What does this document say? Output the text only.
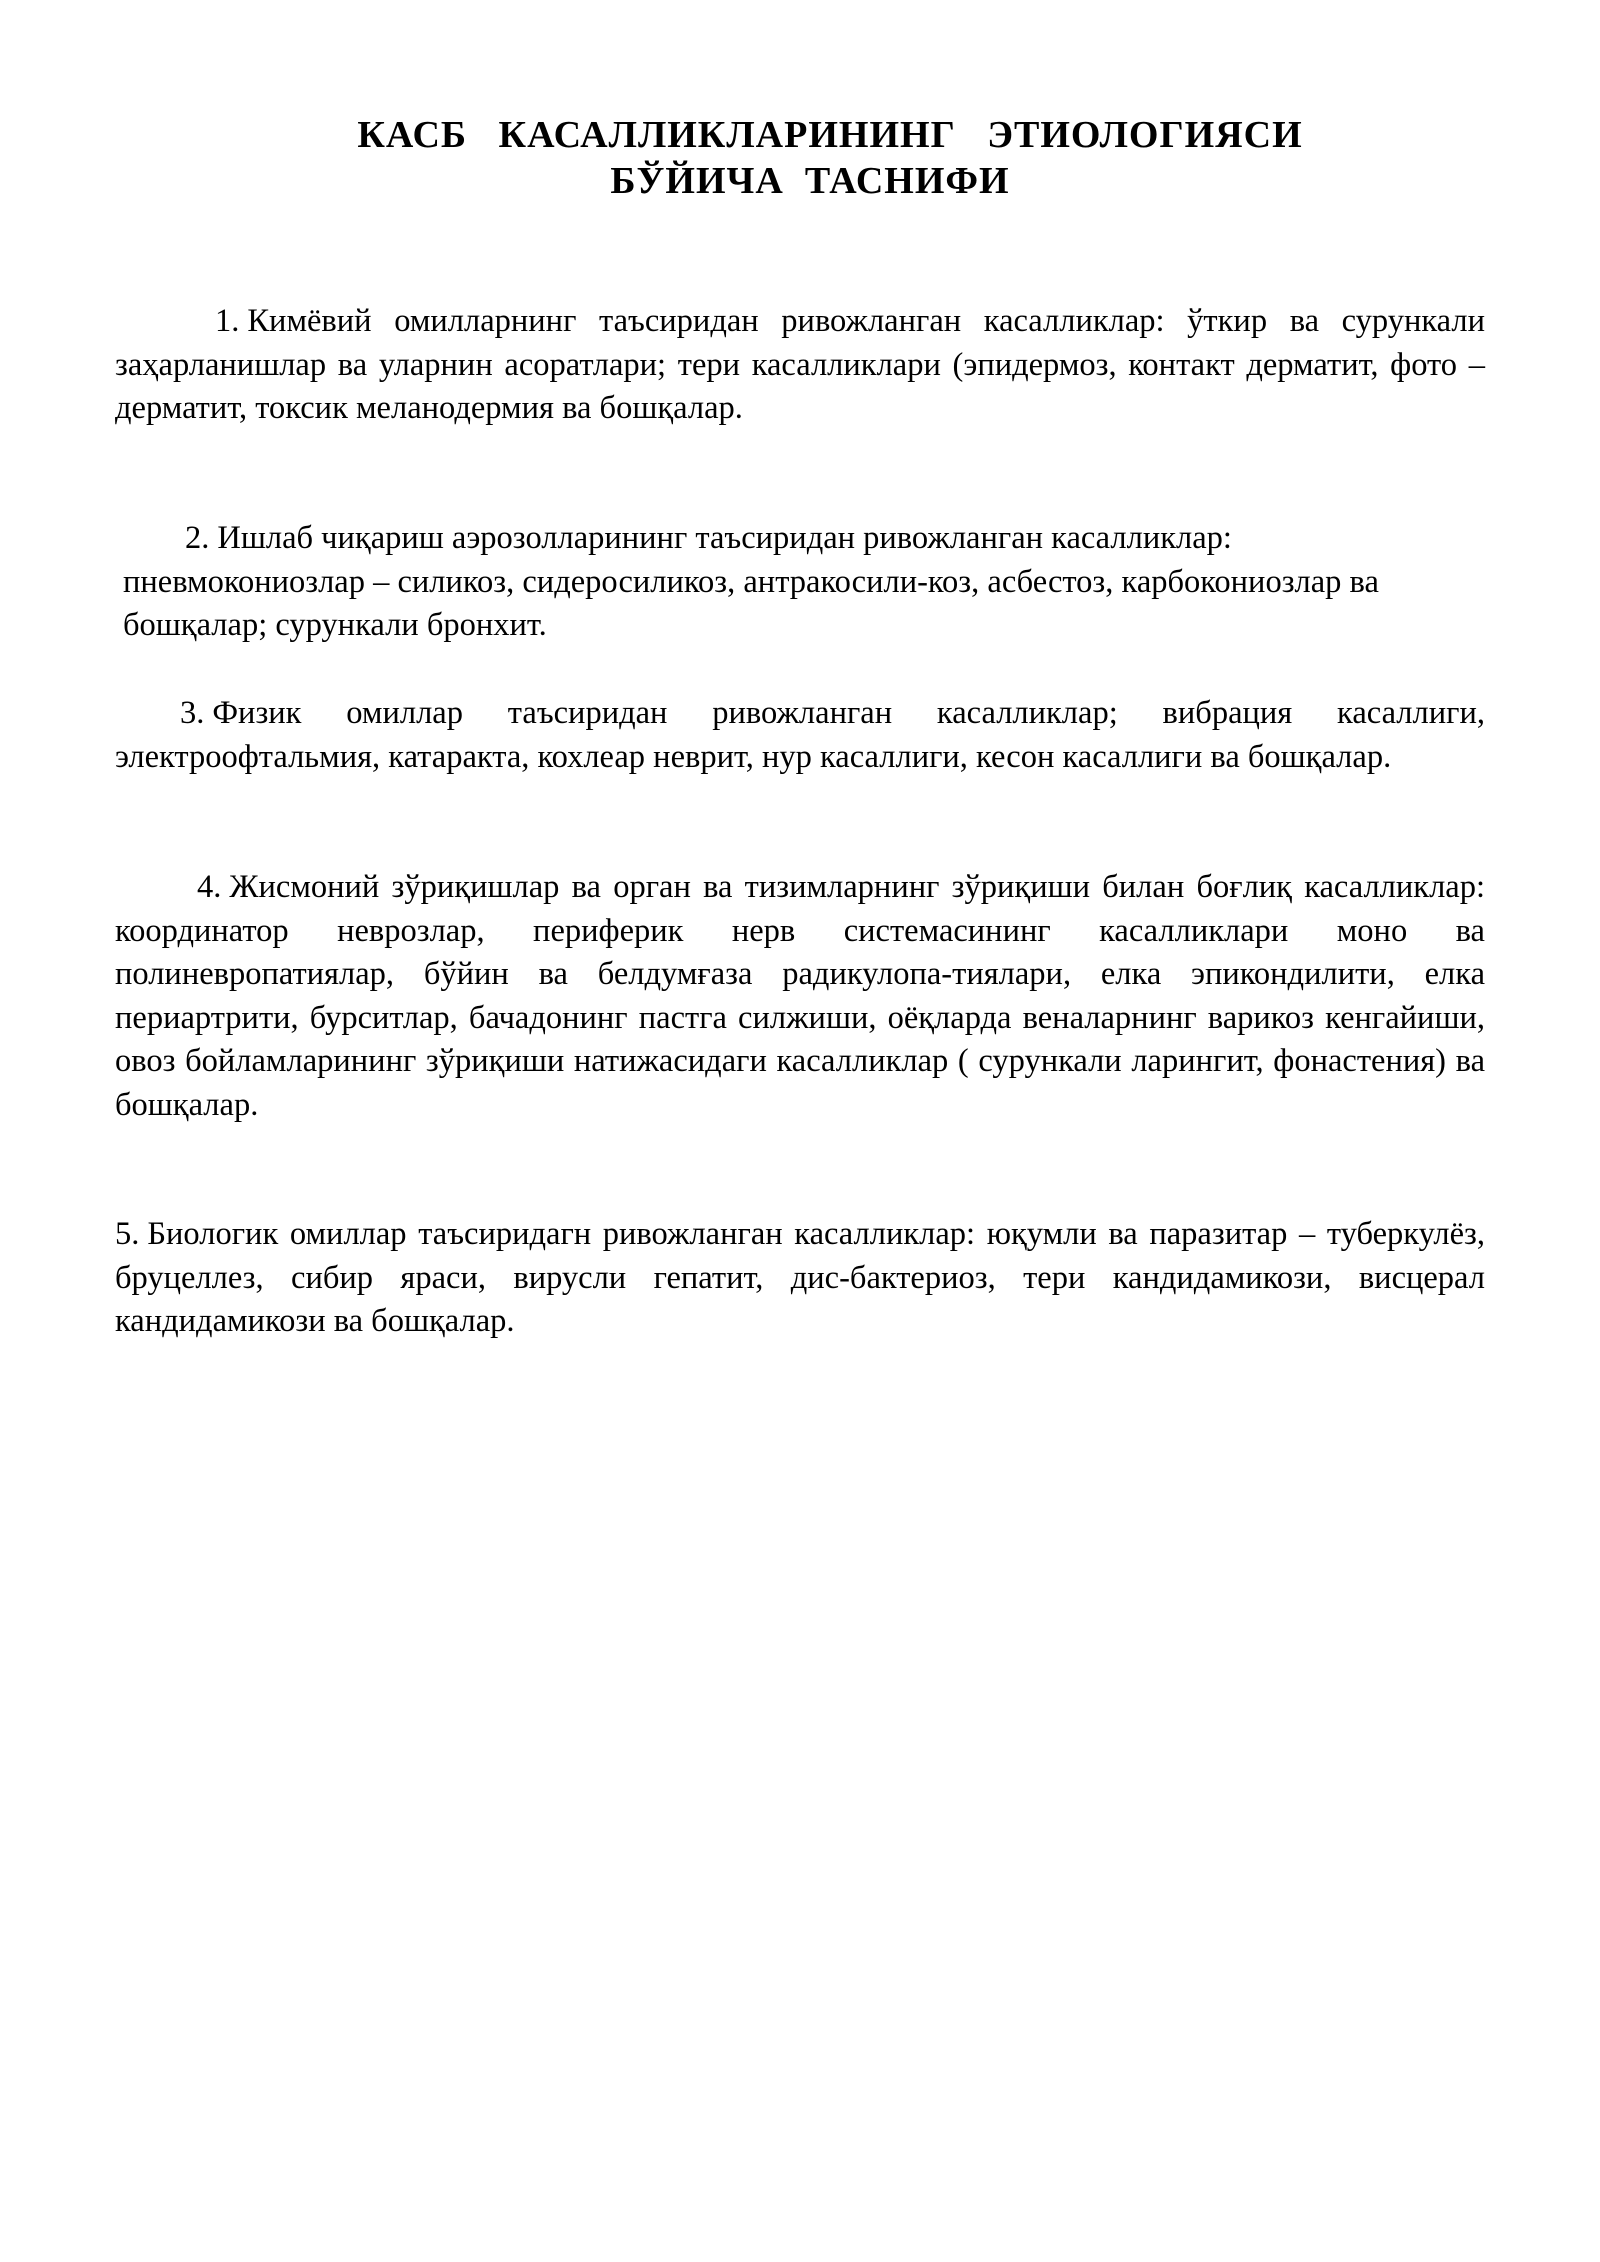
КАСБ   КАСАЛЛИКЛАРИНИНГ   ЭТИОЛОГИЯСИ
БЎЙИЧА  ТАСНИФИ

1. Кимёвий омилларнинг таъсиридан ривожланган касалликлар: ўткир ва сурункали заҳарланишлар ва уларнин асоратлари; тери касалликлари (эпидермоз, контакт дерматит, фото – дерматит, токсик меланодермия ва бошқалар.

2. Ишлаб чиқариш аэрозолларининг таъсиридан ривожланган касалликлар: пневмокониозлар – силикоз, сидеросиликоз, антракосили-коз, асбестоз, карбокониозлар ва бошқалар; сурункали бронхит.

3. Физик омиллар таъсиридан ривожланган касалликлар; вибрация касаллиги, электроофтальмия, катаракта, кохлеар неврит, нур касаллиги, кесон касаллиги ва бошқалар.

4. Жисмоний зўриқишлар ва орган ва тизимларнинг зўриқиши билан боғлиқ касалликлар: координатор неврозлар, периферик нерв системасининг касалликлари моно ва полиневропатиялар, бўйин ва белдумғаза радикулопа-тиялари, елка эпикондилити, елка периартрити, бурситлар, бачадонинг пастга силжиши, оёқларда веналарнинг варикоз кенгайиши, овоз бойламларининг зўриқиши натижасидаги касалликлар ( сурункали ларингит, фонастения) ва бошқалар.

5. Биологик омиллар таъсиридагн ривожланган касалликлар: юқумли ва паразитар – туберкулёз, бруцеллез, сибир яраси, вирусли гепатит, дис-бактериоз, тери кандидамикози, висцерал кандидамикози ва бошқалар.
